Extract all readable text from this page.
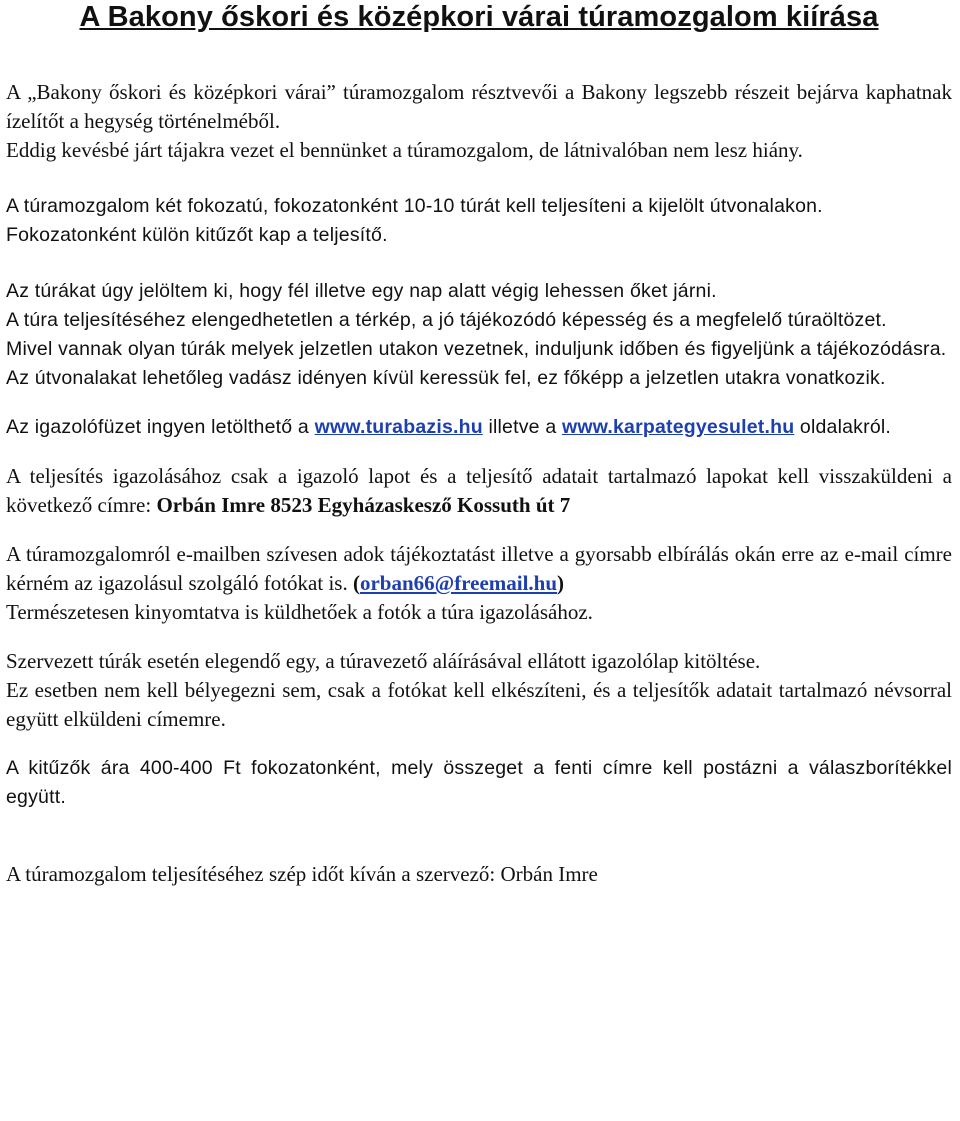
A Bakony őskori és középkori várai túramozgalom kiírása

A „Bakony őskori és középkori várai” túramozgalom résztvevői a Bakony legszebb részeit bejárva kaphatnak ízelítőt a hegység történelméből.

Eddig kevésbé járt tájakra vezet el bennünket a túramozgalom, de látnivalóban nem lesz hiány.

A túramozgalom két fokozatú, fokozatonként 10-10 túrát kell teljesíteni a kijelölt útvonalakon.

Fokozatonként külön kitűzőt kap a teljesítő.

Az túrákat úgy jelöltem ki, hogy fél illetve egy nap alatt végig lehessen őket járni.

A túra teljesítéséhez elengedhetetlen a térkép, a jó tájékozódó képesség és a megfelelő túraöltözet.

Mivel vannak olyan túrák melyek jelzetlen utakon vezetnek, induljunk időben és figyeljünk a tájékozódásra.

Az útvonalakat lehetőleg vadász idényen kívül keressük fel, ez főképp a jelzetlen utakra vonatkozik.

Az igazolófüzet ingyen letölthető a www.turabazis.hu illetve a www.karpategyesulet.hu oldalakról.

A teljesítés igazolásához csak a igazoló lapot és a teljesítő adatait tartalmazó lapokat kell visszaküldeni a következő címre: Orbán Imre 8523 Egyházaskesző Kossuth út 7

A túramozgalomról e-mailben szívesen adok tájékoztatást illetve a gyorsabb elbírálás okán erre az e-mail címre kérném az igazolásul szolgáló fotókat is. (orban66@freemail.hu)

Természetesen kinyomtatva is küldhetőek a fotók a túra igazolásához.

Szervezett túrák esetén elegendő egy, a túravezető aláírásával ellátott igazolólap kitöltése.

Ez esetben nem kell bélyegezni sem, csak a fotókat kell elkészíteni, és a teljesítők adatait tartalmazó névsorral együtt elküldeni címemre.

A kitűzők ára 400-400 Ft fokozatonként, mely összeget a fenti címre kell postázni a válaszborítékkel együtt.

A túramozgalom teljesítéséhez szép időt kíván a szervező: Orbán Imre
